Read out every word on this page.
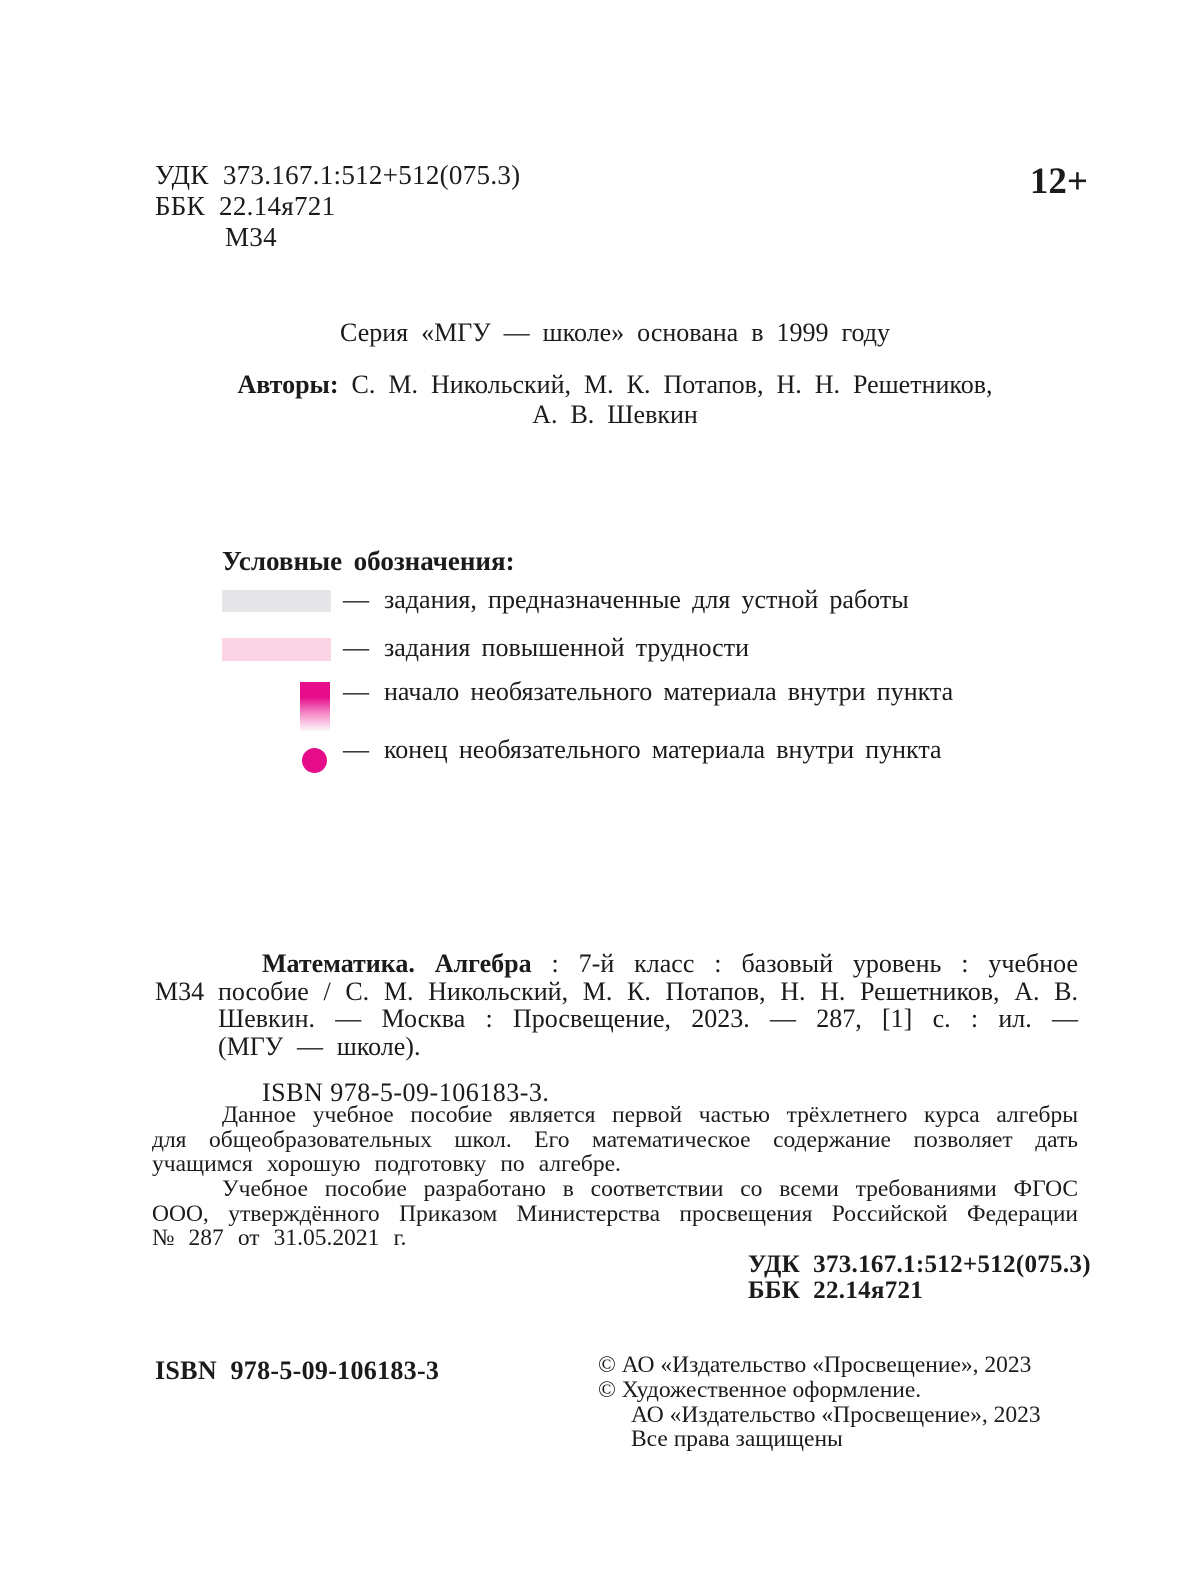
УДК  373.167.1:512+512(075.3)
ББК  22.14я721
М34
12+
Серия «МГУ — школе» основана в 1999 году
Авторы: С. М. Никольский, М. К. Потапов, Н. Н. Решетников,
А. В. Шевкин
Условные обозначения:
— задания, предназначенные для устной работы
— задания повышенной трудности
— начало необязательного материала внутри пункта
— конец необязательного материала внутри пункта
М34
Математика. Алгебра : 7-й класс : базовый уровень : учебное пособие / С. М. Никольский, М. К. Потапов, Н. Н. Решетников, А. В. Шевкин. — Москва : Просвещение, 2023. — 287, [1] с. : ил. — (МГУ — школе).
ISBN 978-5-09-106183-3.

Данное учебное пособие является первой частью трёхлетнего курса алгебры для общеобразовательных школ. Его математическое содержание позволяет дать учащимся хорошую подготовку по алгебре.

Учебное пособие разработано в соответствии со всеми требованиями ФГОС ООО, утверждённого Приказом Министерства просвещения Российской Федерации № 287 от 31.05.2021 г.

УДК  373.167.1:512+512(075.3)
ББК  22.14я721
ISBN  978-5-09-106183-3	© АО «Издательство «Просвещение», 2023
© Художественное оформление.
АО «Издательство «Просвещение», 2023
Все права защищены
